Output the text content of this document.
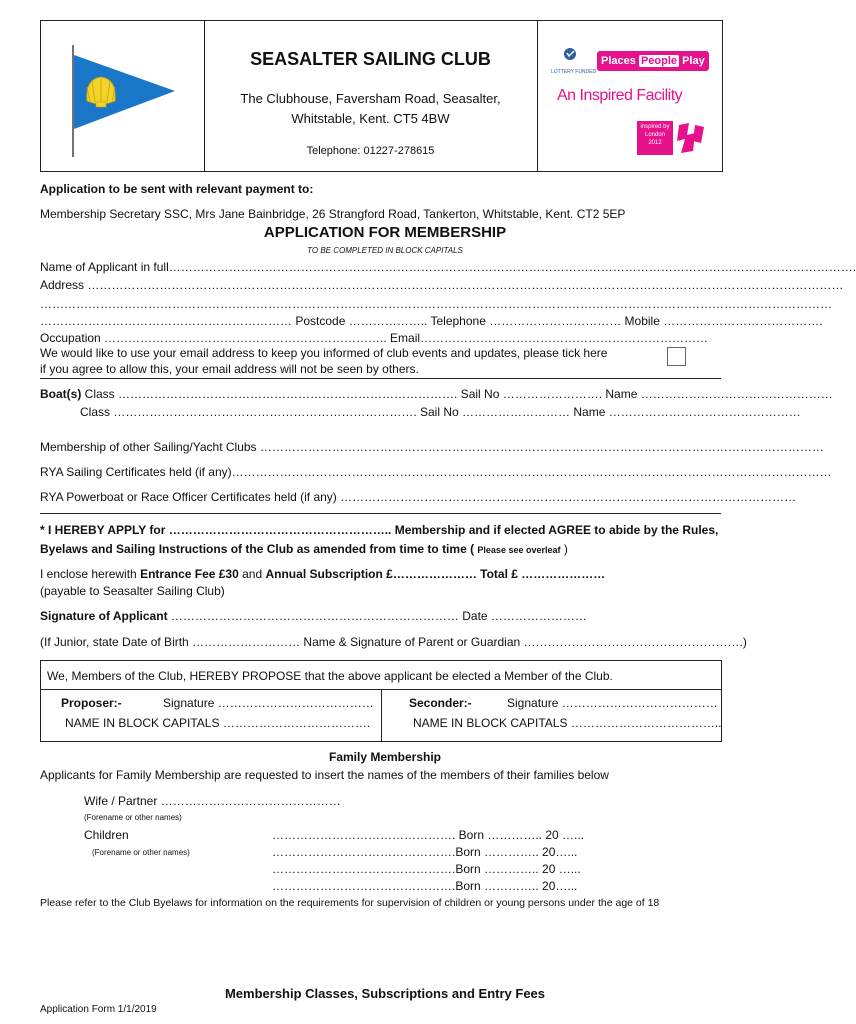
SEASALTER SAILING CLUB
The Clubhouse, Faversham Road, Seasalter,
Whitstable, Kent. CT5 4BW
Telephone: 01227-278615
LOTTERY FUNDED
Places People Play
An Inspired Facility
inspired by
London
2012
Application to be sent with relevant payment to:
Membership Secretary SSC, Mrs Jane Bainbridge, 26 Strangford Road, Tankerton, Whitstable, Kent. CT2 5EP
APPLICATION FOR MEMBERSHIP
TO BE COMPLETED IN BLOCK CAPITALS
Name of Applicant in full……………………………………………………………………………………………………………………………………………………….
Address ………………………………………………………………………………………………………………………………………………………………………
………………………………………………………………………………………………………………………………………………………………………………
……………………………………………………… Postcode ……………….. Telephone …………………………… Mobile ………………………………….
Occupation …………………………………………………………….. Email………………………………………………………………
We would like to use your email address to keep you informed of club events and updates, please tick here
if you agree to allow this, your email address will not be seen by others.
Boat(s) Class …………………………………………………………………………. Sail No ……………………. Name …………………………………………
Class …………………………………………………………………. Sail No ……………………… Name …………………………………………
Membership of other Sailing/Yacht Clubs ……………………………………………………………………………………………………………………………
RYA Sailing Certificates held (if any)……………………………………………………………………………………………………………………………………
RYA Powerboat or Race Officer Certificates held (if any) ……………………………………………………………………………………………………
* I HEREBY APPLY for ……………………………………………….. Membership and if elected AGREE to abide by the Rules,
Byelaws and Sailing Instructions of the Club as amended from time to time ( Please see overleaf )
I enclose herewith Entrance Fee £30 and Annual Subscription £………………… Total £ …………………
(payable to Seasalter Sailing Club)
Signature of Applicant ……………………………………………………………… Date ……………………
(If Junior, state Date of Birth ……………………… Name & Signature of Parent or Guardian ……………………………………………….)
We, Members of the Club, HEREBY PROPOSE that the above applicant be elected a Member of the Club.
Proposer:-	Signature …………………………………
NAME IN BLOCK CAPITALS ……………………………….
Seconder:-	Signature …………………………………
NAME IN BLOCK CAPITALS ………………………………..
Family Membership
Applicants for Family Membership are requested to insert the names of the members of their families below
Wife / Partner ………………………………………
(Forename or other names)
Children
(Forename or other names)
………………………………………. Born ………….. 20 …...
……………………………………….Born ………….. 20…...
……………………………………….Born ………….. 20 …...
……………………………………….Born ………….. 20…...
Please refer to the Club Byelaws for information on the requirements for supervision of children or young persons under the age of 18
Membership Classes, Subscriptions and Entry Fees
Application Form 1/1/2019
